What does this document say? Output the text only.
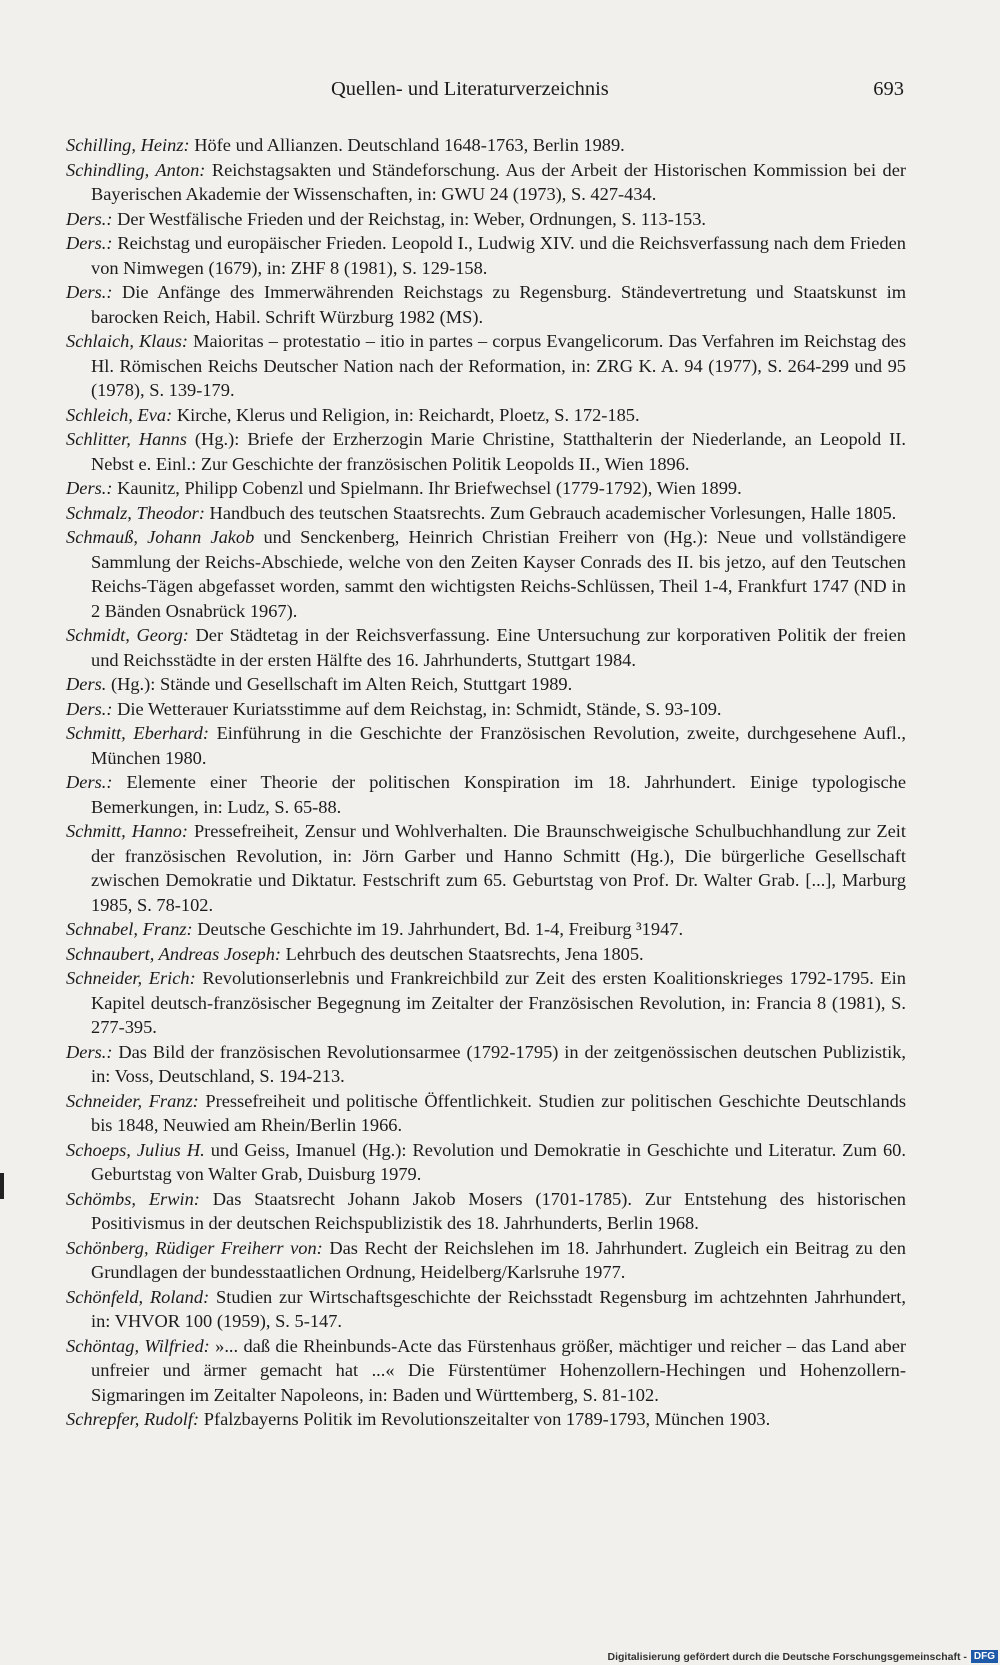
Quellen- und Literaturverzeichnis	693

Schilling, Heinz: Höfe und Allianzen. Deutschland 1648-1763, Berlin 1989.

Schindling, Anton: Reichstagsakten und Ständeforschung. Aus der Arbeit der Historischen Kommission bei der Bayerischen Akademie der Wissenschaften, in: GWU 24 (1973), S. 427-434.

Ders.: Der Westfälische Frieden und der Reichstag, in: Weber, Ordnungen, S. 113-153.

Ders.: Reichstag und europäischer Frieden. Leopold I., Ludwig XIV. und die Reichsverfassung nach dem Frieden von Nimwegen (1679), in: ZHF 8 (1981), S. 129-158.

Ders.: Die Anfänge des Immerwährenden Reichstags zu Regensburg. Ständevertretung und Staatskunst im barocken Reich, Habil. Schrift Würzburg 1982 (MS).

Schlaich, Klaus: Maioritas – protestatio – itio in partes – corpus Evangelicorum. Das Verfahren im Reichstag des Hl. Römischen Reichs Deutscher Nation nach der Reformation, in: ZRG K. A. 94 (1977), S. 264-299 und 95 (1978), S. 139-179.

Schleich, Eva: Kirche, Klerus und Religion, in: Reichardt, Ploetz, S. 172-185.

Schlitter, Hanns (Hg.): Briefe der Erzherzogin Marie Christine, Statthalterin der Niederlande, an Leopold II. Nebst e. Einl.: Zur Geschichte der französischen Politik Leopolds II., Wien 1896.

Ders.: Kaunitz, Philipp Cobenzl und Spielmann. Ihr Briefwechsel (1779-1792), Wien 1899.

Schmalz, Theodor: Handbuch des teutschen Staatsrechts. Zum Gebrauch academischer Vorlesungen, Halle 1805.

Schmauß, Johann Jakob und Senckenberg, Heinrich Christian Freiherr von (Hg.): Neue und vollständigere Sammlung der Reichs-Abschiede, welche von den Zeiten Kayser Conrads des II. bis jetzo, auf den Teutschen Reichs-Tägen abgefasset worden, sammt den wichtigsten Reichs-Schlüssen, Theil 1-4, Frankfurt 1747 (ND in 2 Bänden Osnabrück 1967).

Schmidt, Georg: Der Städtetag in der Reichsverfassung. Eine Untersuchung zur korporativen Politik der freien und Reichsstädte in der ersten Hälfte des 16. Jahrhunderts, Stuttgart 1984.

Ders. (Hg.): Stände und Gesellschaft im Alten Reich, Stuttgart 1989.

Ders.: Die Wetterauer Kuriatsstimme auf dem Reichstag, in: Schmidt, Stände, S. 93-109.

Schmitt, Eberhard: Einführung in die Geschichte der Französischen Revolution, zweite, durchgesehene Aufl., München 1980.

Ders.: Elemente einer Theorie der politischen Konspiration im 18. Jahrhundert. Einige typologische Bemerkungen, in: Ludz, S. 65-88.

Schmitt, Hanno: Pressefreiheit, Zensur und Wohlverhalten. Die Braunschweigische Schulbuchhandlung zur Zeit der französischen Revolution, in: Jörn Garber und Hanno Schmitt (Hg.), Die bürgerliche Gesellschaft zwischen Demokratie und Diktatur. Festschrift zum 65. Geburtstag von Prof. Dr. Walter Grab. [...], Marburg 1985, S. 78-102.

Schnabel, Franz: Deutsche Geschichte im 19. Jahrhundert, Bd. 1-4, Freiburg ³1947.

Schnaubert, Andreas Joseph: Lehrbuch des deutschen Staatsrechts, Jena 1805.

Schneider, Erich: Revolutionserlebnis und Frankreichbild zur Zeit des ersten Koalitionskrieges 1792-1795. Ein Kapitel deutsch-französischer Begegnung im Zeitalter der Französischen Revolution, in: Francia 8 (1981), S. 277-395.

Ders.: Das Bild der französischen Revolutionsarmee (1792-1795) in der zeitgenössischen deutschen Publizistik, in: Voss, Deutschland, S. 194-213.

Schneider, Franz: Pressefreiheit und politische Öffentlichkeit. Studien zur politischen Geschichte Deutschlands bis 1848, Neuwied am Rhein/Berlin 1966.

Schoeps, Julius H. und Geiss, Imanuel (Hg.): Revolution und Demokratie in Geschichte und Literatur. Zum 60. Geburtstag von Walter Grab, Duisburg 1979.

Schömbs, Erwin: Das Staatsrecht Johann Jakob Mosers (1701-1785). Zur Entstehung des historischen Positivismus in der deutschen Reichspublizistik des 18. Jahrhunderts, Berlin 1968.

Schönberg, Rüdiger Freiherr von: Das Recht der Reichslehen im 18. Jahrhundert. Zugleich ein Beitrag zu den Grundlagen der bundesstaatlichen Ordnung, Heidelberg/Karlsruhe 1977.

Schönfeld, Roland: Studien zur Wirtschaftsgeschichte der Reichsstadt Regensburg im achtzehnten Jahrhundert, in: VHVOR 100 (1959), S. 5-147.

Schöntag, Wilfried: »... daß die Rheinbunds-Acte das Fürstenhaus größer, mächtiger und reicher – das Land aber unfreier und ärmer gemacht hat ...« Die Fürstentümer Hohenzollern-Hechingen und Hohenzollern-Sigmaringen im Zeitalter Napoleons, in: Baden und Württemberg, S. 81-102.

Schrepfer, Rudolf: Pfalzbayerns Politik im Revolutionszeitalter von 1789-1793, München 1903.

Digitalisierung gefördert durch die Deutsche Forschungsgemeinschaft - DFG
